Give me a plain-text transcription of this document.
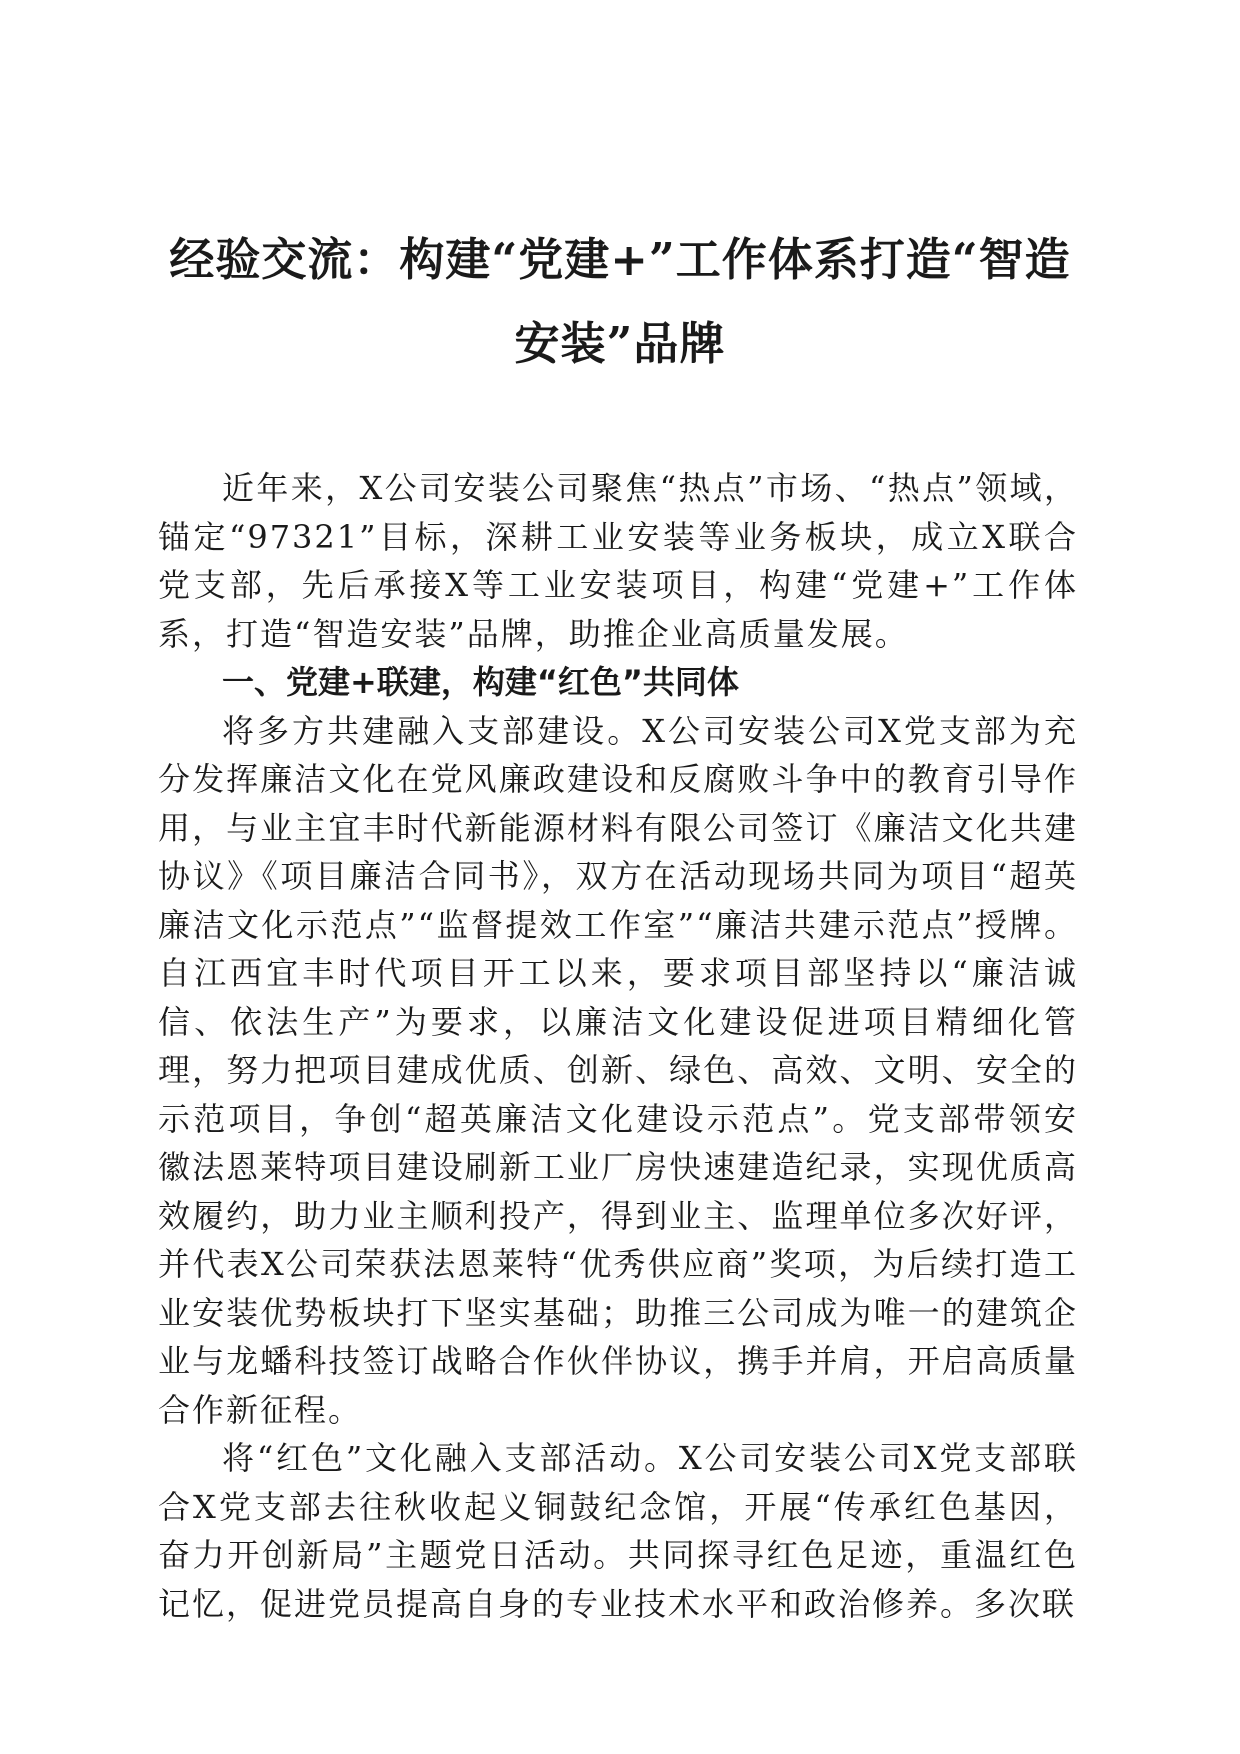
经验交流：构建“党建+”工作体系打造“智造安装”品牌

近年来，X公司安装公司聚焦“热点”市场、“热点”领域，锚定“97321”目标，深耕工业安装等业务板块，成立X联合党支部，先后承接X等工业安装项目，构建“党建+”工作体系，打造“智造安装”品牌，助推企业高质量发展。

一、党建+联建，构建“红色”共同体

将多方共建融入支部建设。X公司安装公司X党支部为充分发挥廉洁文化在党风廉政建设和反腐败斗争中的教育引导作用，与业主宜丰时代新能源材料有限公司签订《廉洁文化共建协议》《项目廉洁合同书》，双方在活动现场共同为项目“超英廉洁文化示范点”“监督提效工作室”“廉洁共建示范点”授牌。自江西宜丰时代项目开工以来，要求项目部坚持以“廉洁诚信、依法生产”为要求，以廉洁文化建设促进项目精细化管理，努力把项目建成优质、创新、绿色、高效、文明、安全的示范项目，争创“超英廉洁文化建设示范点”。党支部带领安徽法恩莱特项目建设刷新工业厂房快速建造纪录，实现优质高效履约，助力业主顺利投产，得到业主、监理单位多次好评，并代表X公司荣获法恩莱特“优秀供应商”奖项，为后续打造工业安装优势板块打下坚实基础；助推三公司成为唯一的建筑企业与龙蟠科技签订战略合作伙伴协议，携手并肩，开启高质量合作新征程。

将“红色”文化融入支部活动。X公司安装公司X党支部联合X党支部去往秋收起义铜鼓纪念馆，开展“传承红色基因，奋力开创新局”主题党日活动。共同探寻红色足迹，重温红色记忆，促进党员提高自身的专业技术水平和政治修养。多次联
